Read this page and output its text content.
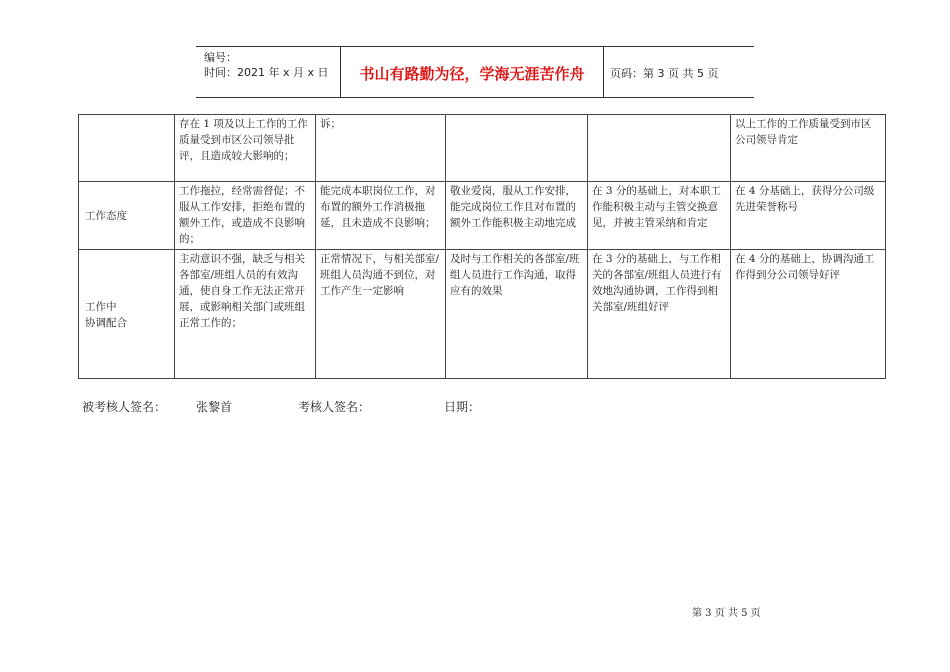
编号：
时间：2021 年 x 月 x 日	书山有路勤为径，学海无涯苦作舟	页码：第 3 页 共 5 页
	存在 1 项及以上工作的工作质量受到市区公司领导批评，且造成较大影响的；	诉；			以上工作的工作质量受到市区公司领导肯定
工作态度	工作拖拉，经常需督促；不服从工作安排，拒绝布置的额外工作，或造成不良影响的；	能完成本职岗位工作，对布置的额外工作消极拖延，且未造成不良影响；	敬业爱岗，服从工作安排，能完成岗位工作且对布置的额外工作能积极主动地完成	在 3 分的基础上，对本职工作能积极主动与主管交换意见，并被主管采纳和肯定	在 4 分基础上，获得分公司级先进荣誉称号

工作中
协调配合	主动意识不强，缺乏与相关各部室/班组人员的有效沟通，使自身工作无法正常开展，或影响相关部门或班组正常工作的；	正常情况下，与相关部室/班组人员沟通不到位，对工作产生一定影响	及时与工作相关的各部室/班组人员进行工作沟通，取得应有的效果	在 3 分的基础上，与工作相关的各部室/班组人员进行有效地沟通协调，工作得到相关部室/班组好评	在 4 分的基础上，协调沟通工作得到分公司领导好评
被考核人签名： 张黎首	考核人签名：	日期：
第 3 页 共 5 页
